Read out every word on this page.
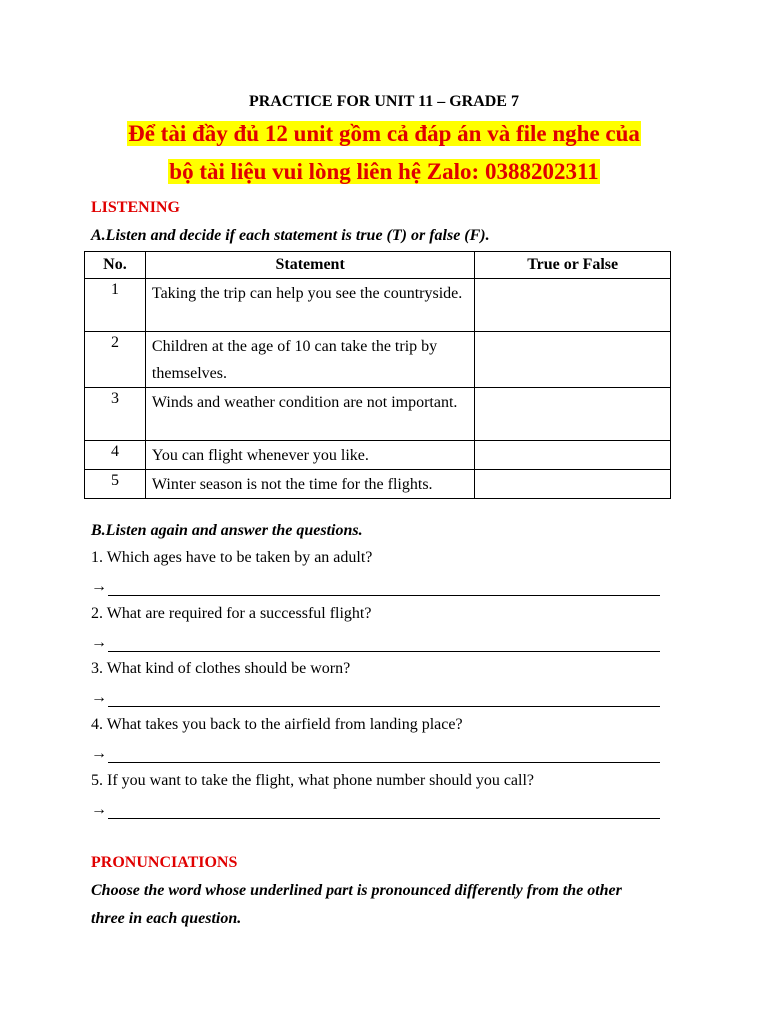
PRACTICE FOR UNIT 11 – GRADE 7
Để tài đầy đủ 12 unit gồm cả đáp án và file nghe của
bộ tài liệu vui lòng liên hệ Zalo: 0388202311
LISTENING
A.Listen and decide if each statement is true (T) or false (F).
No.	Statement	True or False
1	Taking the trip can help you see the countryside.	
2	Children at the age of 10 can take the trip by themselves.	
3	Winds and weather condition are not important.	
4	You can flight whenever you like.	
5	Winter season is not the time for the flights.	
B.Listen again and answer the questions.
1. Which ages have to be taken by an adult?
→
2. What are required for a successful flight?
→
3. What kind of clothes should be worn?
→
4. What takes you back to the airfield from landing place?
→
5. If you want to take the flight, what phone number should you call?
→
PRONUNCIATIONS
Choose the word whose underlined part is pronounced differently from the other
three in each question.
